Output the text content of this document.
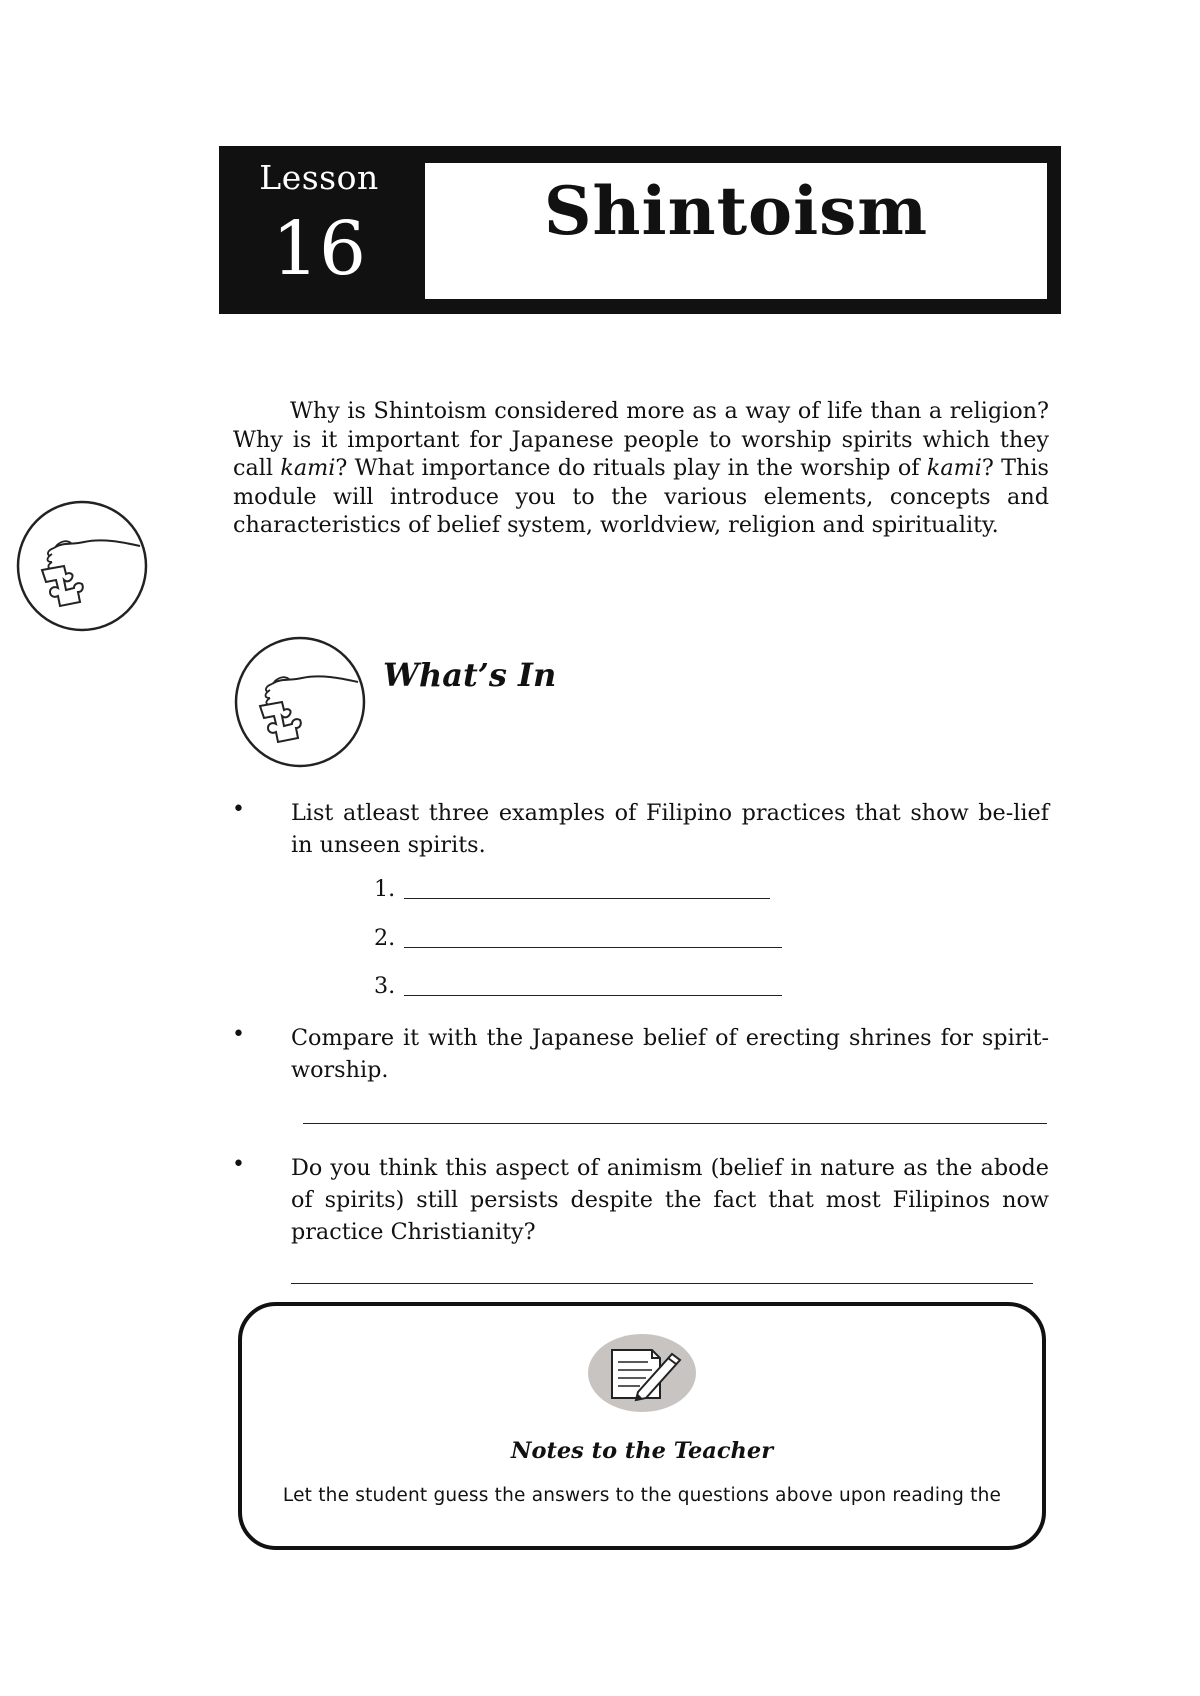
Lesson
16	Shintoism

Why is Shintoism considered more as a way of life than a religion? Why is it important for Japanese people to worship spirits which they call kami? What importance do rituals play in the worship of kami? This module will introduce you to the various elements, concepts and characteristics of belief system, worldview, religion and spirituality.

What’s In
• List atleast three examples of Filipino practices that show be-lief in unseen spirits.

1.
2.
3.
• Compare it with the Japanese belief of erecting shrines for spirit- worship.

• Do you think this aspect of animism (belief in nature as the abode of spirits) still persists despite the fact that most Filipinos now practice Christianity?

Notes to the Teacher
Let the student guess the answers to the questions above upon reading the
